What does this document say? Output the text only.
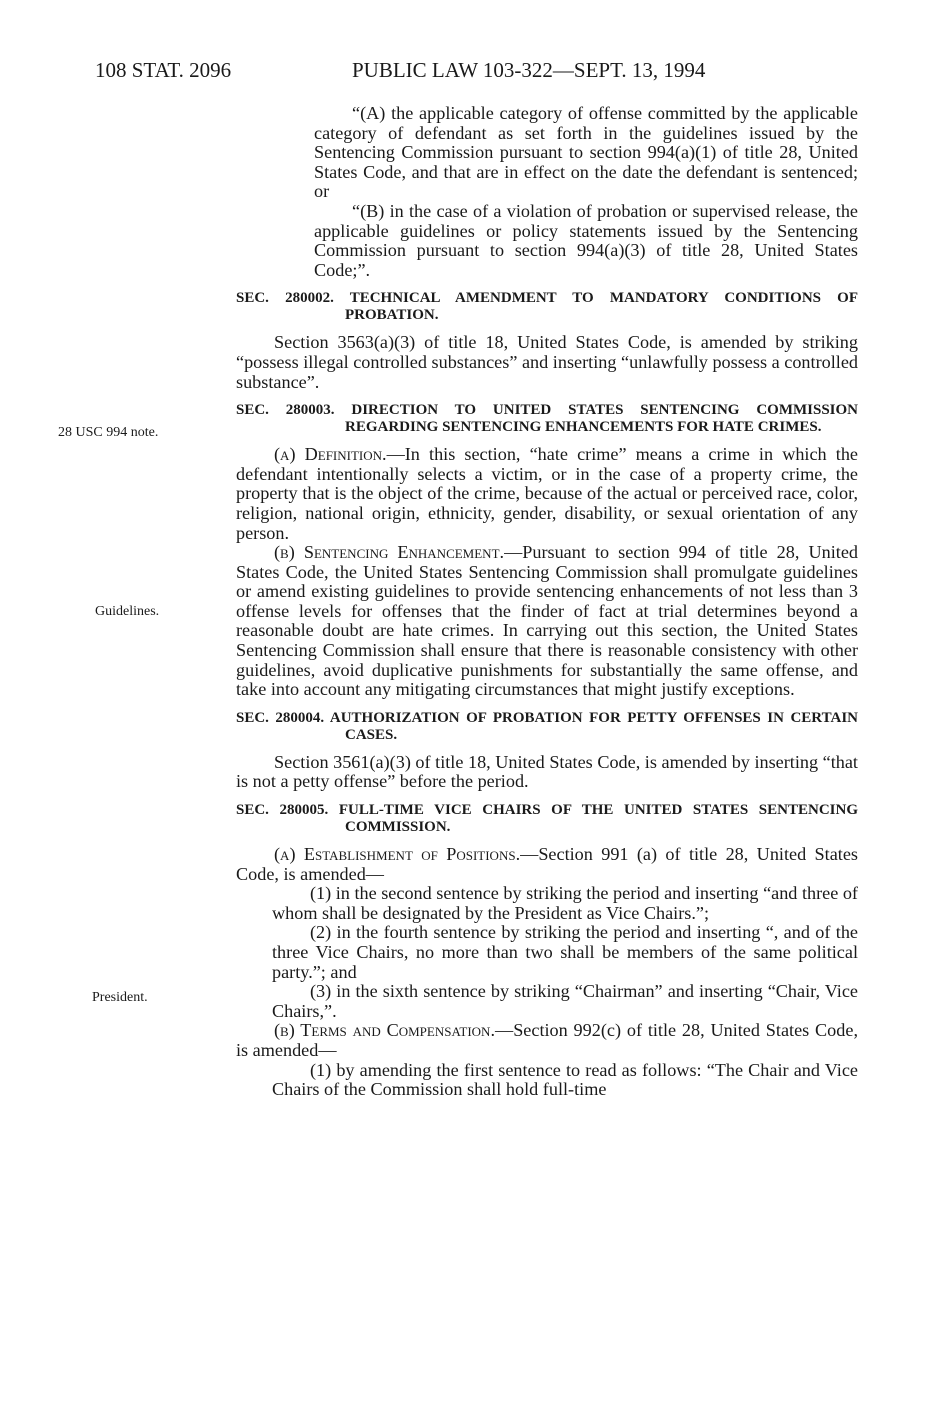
108 STAT. 2096	PUBLIC LAW 103-322—SEPT. 13, 1994
28 USC 994 note.
Guidelines.
President.

“(A) the applicable category of offense committed by the applicable category of defendant as set forth in the guidelines issued by the Sentencing Commission pursuant to section 994(a)(1) of title 28, United States Code, and that are in effect on the date the defendant is sentenced; or

“(B) in the case of a violation of probation or supervised release, the applicable guidelines or policy statements issued by the Sentencing Commission pursuant to section 994(a)(3) of title 28, United States Code;”.

SEC. 280002. TECHNICAL AMENDMENT TO MANDATORY CONDITIONS OF PROBATION.

Section 3563(a)(3) of title 18, United States Code, is amended by striking “possess illegal controlled substances” and inserting “unlawfully possess a controlled substance”.

SEC. 280003. DIRECTION TO UNITED STATES SENTENCING COMMISSION REGARDING SENTENCING ENHANCEMENTS FOR HATE CRIMES.

(a) Definition.—In this section, “hate crime” means a crime in which the defendant intentionally selects a victim, or in the case of a property crime, the property that is the object of the crime, because of the actual or perceived race, color, religion, national origin, ethnicity, gender, disability, or sexual orientation of any person.

(b) Sentencing Enhancement.—Pursuant to section 994 of title 28, United States Code, the United States Sentencing Commission shall promulgate guidelines or amend existing guidelines to provide sentencing enhancements of not less than 3 offense levels for offenses that the finder of fact at trial determines beyond a reasonable doubt are hate crimes. In carrying out this section, the United States Sentencing Commission shall ensure that there is reasonable consistency with other guidelines, avoid duplicative punishments for substantially the same offense, and take into account any mitigating circumstances that might justify exceptions.

SEC. 280004. AUTHORIZATION OF PROBATION FOR PETTY OFFENSES IN CERTAIN CASES.

Section 3561(a)(3) of title 18, United States Code, is amended by inserting “that is not a petty offense” before the period.

SEC. 280005. FULL-TIME VICE CHAIRS OF THE UNITED STATES SENTENCING COMMISSION.

(a) Establishment of Positions.—Section 991 (a) of title 28, United States Code, is amended—

(1) in the second sentence by striking the period and inserting “and three of whom shall be designated by the President as Vice Chairs.”;

(2) in the fourth sentence by striking the period and inserting “, and of the three Vice Chairs, no more than two shall be members of the same political party.”; and

(3) in the sixth sentence by striking “Chairman” and inserting “Chair, Vice Chairs,”.

(b) Terms and Compensation.—Section 992(c) of title 28, United States Code, is amended—

(1) by amending the first sentence to read as follows: “The Chair and Vice Chairs of the Commission shall hold full-time
